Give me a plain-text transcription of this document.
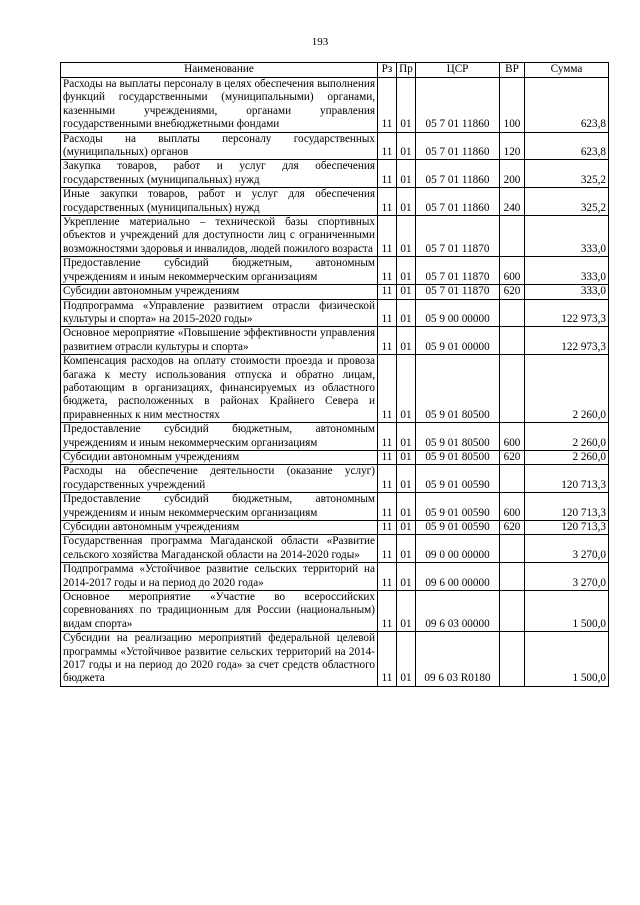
193
Наименование	Рз	Пр	ЦСР	ВР	Сумма
Расходы на выплаты персоналу в целях обеспечения выполнения функций государственными (муниципальными) органами, казенными учреждениями, органами управления государственными внебюджетными фондами	11	01	05 7 01 11860	100	623,8
Расходы на выплаты персоналу государственных (муниципальных) органов	11	01	05 7 01 11860	120	623,8
Закупка товаров, работ и услуг для обеспечения государственных (муниципальных) нужд	11	01	05 7 01 11860	200	325,2
Иные закупки товаров, работ и услуг для обеспечения государственных (муниципальных) нужд	11	01	05 7 01 11860	240	325,2
Укрепление материально – технической базы спортивных объектов и учреждений для доступности лиц с ограниченными возможностями здоровья и инвалидов, людей пожилого возраста	11	01	05 7 01 11870		333,0
Предоставление субсидий бюджетным, автономным учреждениям и иным некоммерческим организациям	11	01	05 7 01 11870	600	333,0
Субсидии автономным учреждениям	11	01	05 7 01 11870	620	333,0
Подпрограмма «Управление развитием отрасли физической культуры и спорта» на 2015-2020 годы»	11	01	05 9 00 00000		122 973,3
Основное мероприятие «Повышение эффективности управления развитием отрасли культуры и спорта»	11	01	05 9 01 00000		122 973,3
Компенсация расходов на оплату стоимости проезда и провоза багажа к месту использования отпуска и обратно лицам, работающим в организациях, финансируемых из областного бюджета, расположенных в районах Крайнего Севера и приравненных к ним местностях	11	01	05 9 01 80500		2 260,0
Предоставление субсидий бюджетным, автономным учреждениям и иным некоммерческим организациям	11	01	05 9 01 80500	600	2 260,0
Субсидии автономным учреждениям	11	01	05 9 01 80500	620	2 260,0
Расходы на обеспечение деятельности (оказание услуг) государственных учреждений	11	01	05 9 01 00590		120 713,3
Предоставление субсидий бюджетным, автономным учреждениям и иным некоммерческим организациям	11	01	05 9 01 00590	600	120 713,3
Субсидии автономным учреждениям	11	01	05 9 01 00590	620	120 713,3
Государственная программа Магаданской области «Развитие сельского хозяйства Магаданской области на 2014-2020 годы»	11	01	09 0 00 00000		3 270,0
Подпрограмма «Устойчивое развитие сельских территорий на 2014-2017 годы и на период до 2020 года»	11	01	09 6 00 00000		3 270,0
Основное мероприятие «Участие во всероссийских соревнованиях по традиционным для России (национальным) видам спорта»	11	01	09 6 03 00000		1 500,0
Субсидии на реализацию мероприятий федеральной целевой программы «Устойчивое развитие сельских территорий на 2014-2017 годы и на период до 2020 года» за счет средств областного бюджета	11	01	09 6 03 R0180		1 500,0
